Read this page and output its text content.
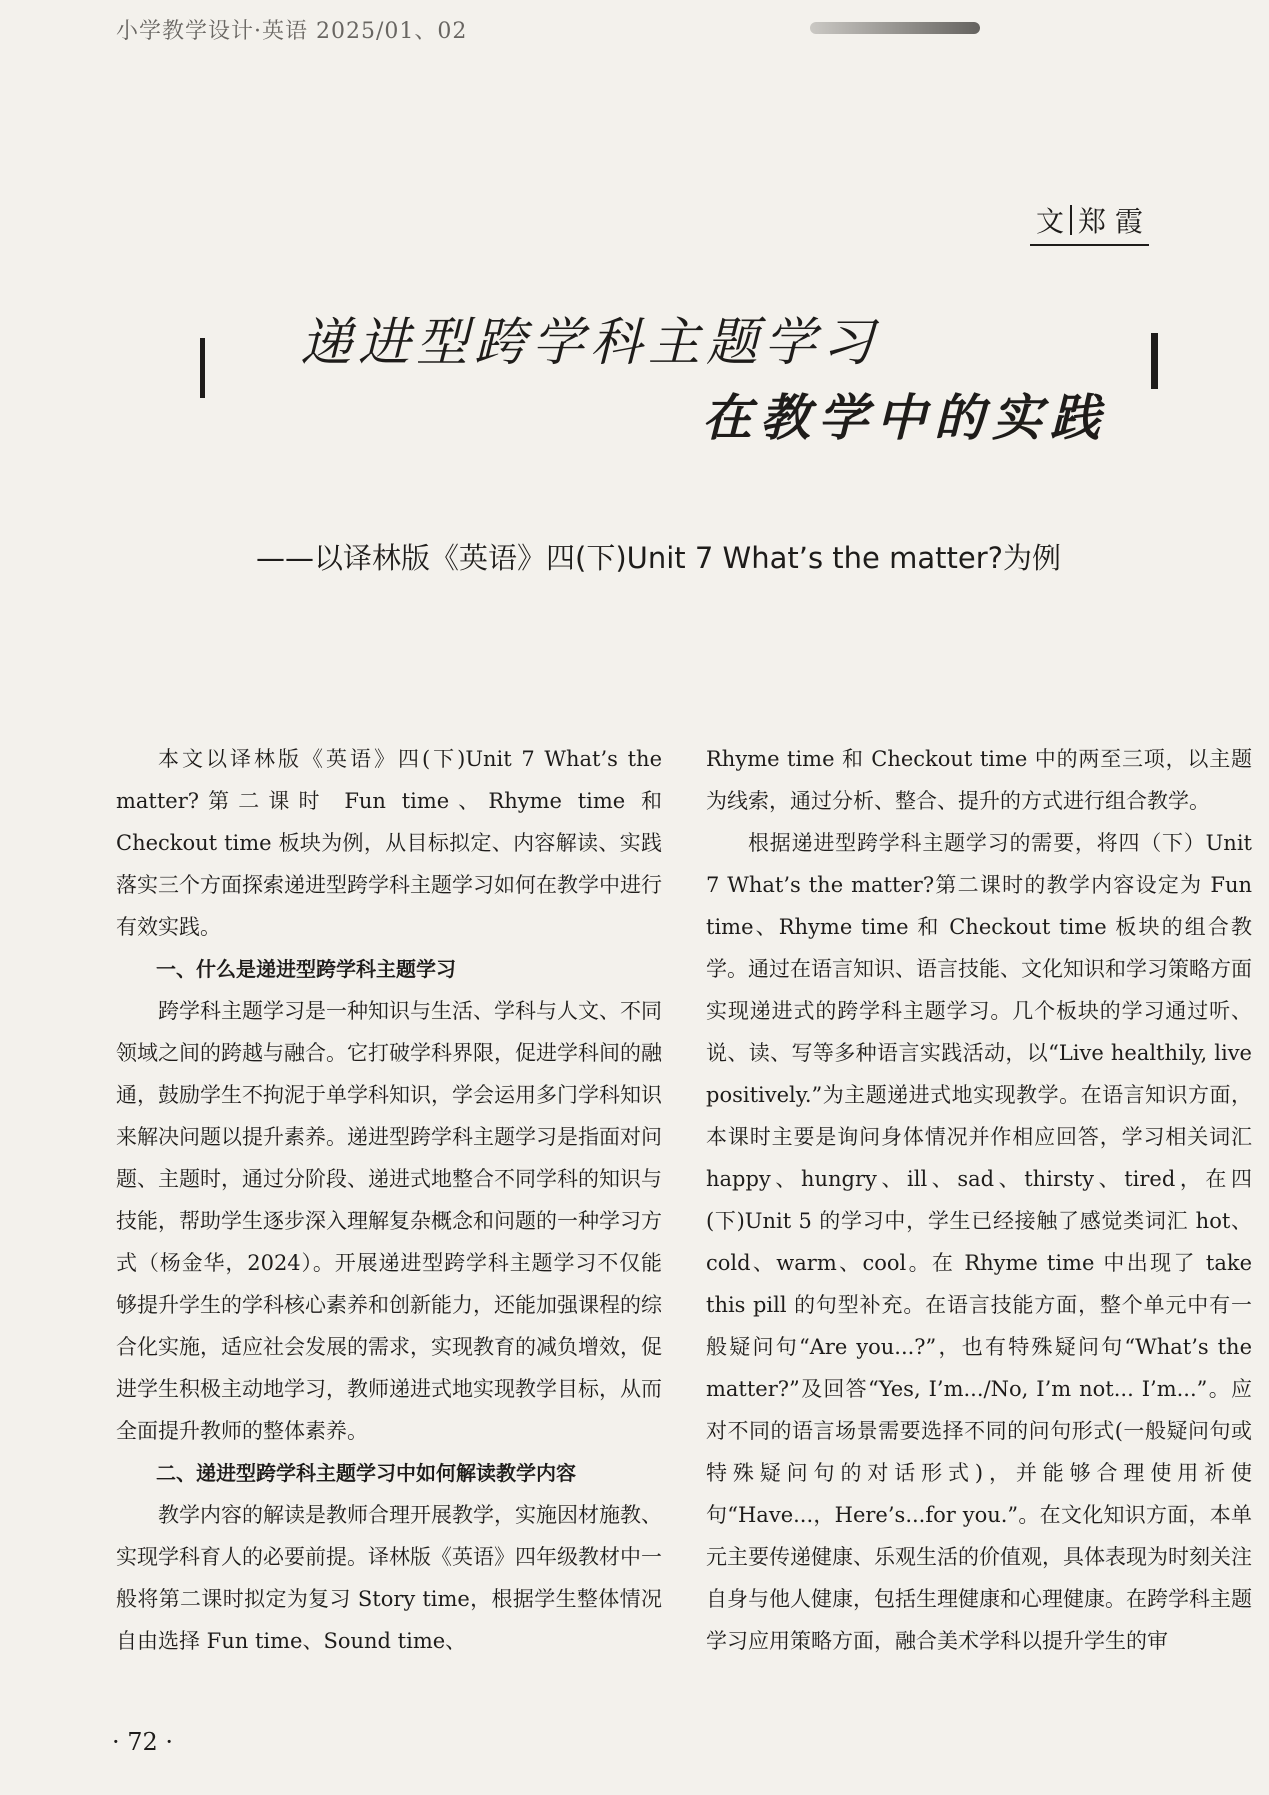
小学教学设计·英语 2025/01、02
文 郑 霞
递进型跨学科主题学习
在教学中的实践
——以译林版《英语》四(下)Unit 7 What’s the matter?为例

本文以译林版《英语》四(下)Unit 7 What’s the matter?第二课时 Fun time、Rhyme time 和 Checkout time 板块为例，从目标拟定、内容解读、实践落实三个方面探索递进型跨学科主题学习如何在教学中进行有效实践。

一、什么是递进型跨学科主题学习

跨学科主题学习是一种知识与生活、学科与人文、不同领域之间的跨越与融合。它打破学科界限，促进学科间的融通，鼓励学生不拘泥于单学科知识，学会运用多门学科知识来解决问题以提升素养。递进型跨学科主题学习是指面对问题、主题时，通过分阶段、递进式地整合不同学科的知识与技能，帮助学生逐步深入理解复杂概念和问题的一种学习方式（杨金华，2024）。开展递进型跨学科主题学习不仅能够提升学生的学科核心素养和创新能力，还能加强课程的综合化实施，适应社会发展的需求，实现教育的减负增效，促进学生积极主动地学习，教师递进式地实现教学目标，从而全面提升教师的整体素养。

二、递进型跨学科主题学习中如何解读教学内容

教学内容的解读是教师合理开展教学，实施因材施教、实现学科育人的必要前提。译林版《英语》四年级教材中一般将第二课时拟定为复习 Story time，根据学生整体情况自由选择 Fun time、Sound time、

Rhyme time 和 Checkout time 中的两至三项，以主题为线索，通过分析、整合、提升的方式进行组合教学。

根据递进型跨学科主题学习的需要，将四（下）Unit 7 What’s the matter?第二课时的教学内容设定为 Fun time、Rhyme time 和 Checkout time 板块的组合教学。通过在语言知识、语言技能、文化知识和学习策略方面实现递进式的跨学科主题学习。几个板块的学习通过听、说、读、写等多种语言实践活动，以“Live healthily, live positively.”为主题递进式地实现教学。在语言知识方面，本课时主要是询问身体情况并作相应回答，学习相关词汇 happy、hungry、ill、sad、thirsty、tired，在四(下)Unit 5 的学习中，学生已经接触了感觉类词汇 hot、cold、warm、cool。在 Rhyme time 中出现了 take this pill 的句型补充。在语言技能方面，整个单元中有一般疑问句“Are you...?”，也有特殊疑问句“What’s the matter?”及回答“Yes, I’m.../No, I’m not... I’m...”。应对不同的语言场景需要选择不同的问句形式(一般疑问句或特殊疑问句的对话形式)，并能够合理使用祈使句“Have...，Here’s...for you.”。在文化知识方面，本单元主要传递健康、乐观生活的价值观，具体表现为时刻关注自身与他人健康，包括生理健康和心理健康。在跨学科主题学习应用策略方面，融合美术学科以提升学生的审

· 72 ·
